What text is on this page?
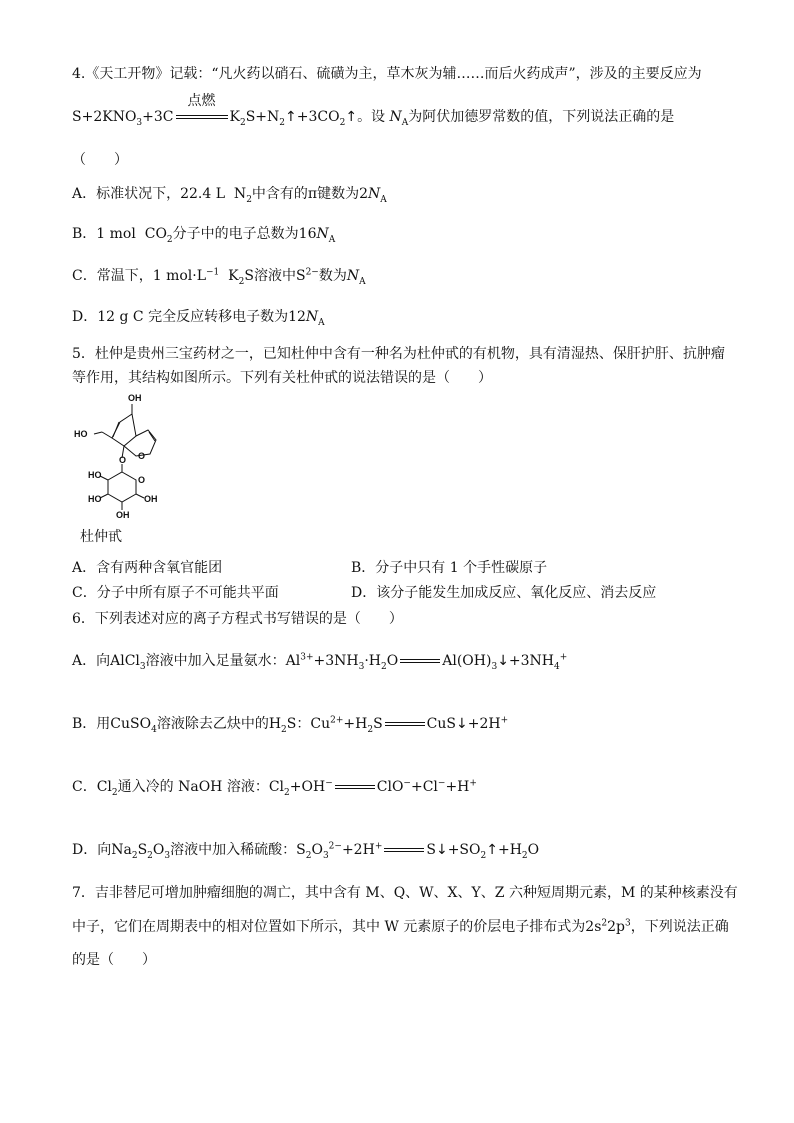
4.《天工开物》记载：“凡火药以硝石、硫磺为主，草木灰为辅……而后火药成声”，涉及的主要反应为
$S+2KNO_3+3C$
点燃
$K_2S+N_2↑+3CO_2↑$。设 $N_A$为阿伏加德罗常数的值，下列说法正确的是
（　　）
A．标准状况下，22.4 L  $N_2$中含有的π键数为$2N_A$
B．1 mol  $CO_2$分子中的电子总数为$16N_A$
C．常温下，1 $mol\cdot L^{-1}$  $K_2S$溶液中$S^{2-}$数为$N_A$
D．12 g C 完全反应转移电子数为$12N_A$
5．杜仲是贵州三宝药材之一，已知杜仲中含有一种名为杜仲甙的有机物，具有清湿热、保肝护肝、抗肿瘤
等作用，其结构如图所示。下列有关杜仲甙的说法错误的是（　　）
OH
HO
O O
O
HO
HO
OH
OH
杜仲甙
A．含有两种含氧官能团	B．分子中只有 1 个手性碳原子
C．分子中所有原子不可能共平面	D．该分子能发生加成反应、氧化反应、消去反应
6．下列表述对应的离子方程式书写错误的是（　　）
A．向AlCl$_3$溶液中加入足量氨水：$Al^{3+}+3NH_3\cdot H_2O$	$Al(OH)_3↓+3NH_4^+$
B．用CuSO$_4$溶液除去乙炔中的$H_2S$：$Cu^{2+}+H_2S$	CuS↓+2H+
C．$Cl_2$通入冷的 NaOH 溶液：$Cl_2+OH^-$	ClO−+Cl−+H+
D．向$Na_2S_2O_3$溶液中加入稀硫酸：$S_2O_3^{2-}+2H^+$	$S↓+SO_2↑+H_2O$
7．吉非替尼可增加肿瘤细胞的凋亡，其中含有 M、Q、W、X、Y、Z 六种短周期元素，M 的某种核素没有
中子，它们在周期表中的相对位置如下所示，其中 W 元素原子的价层电子排布式为$2s^22p^3$，下列说法正确
的是（　　）
